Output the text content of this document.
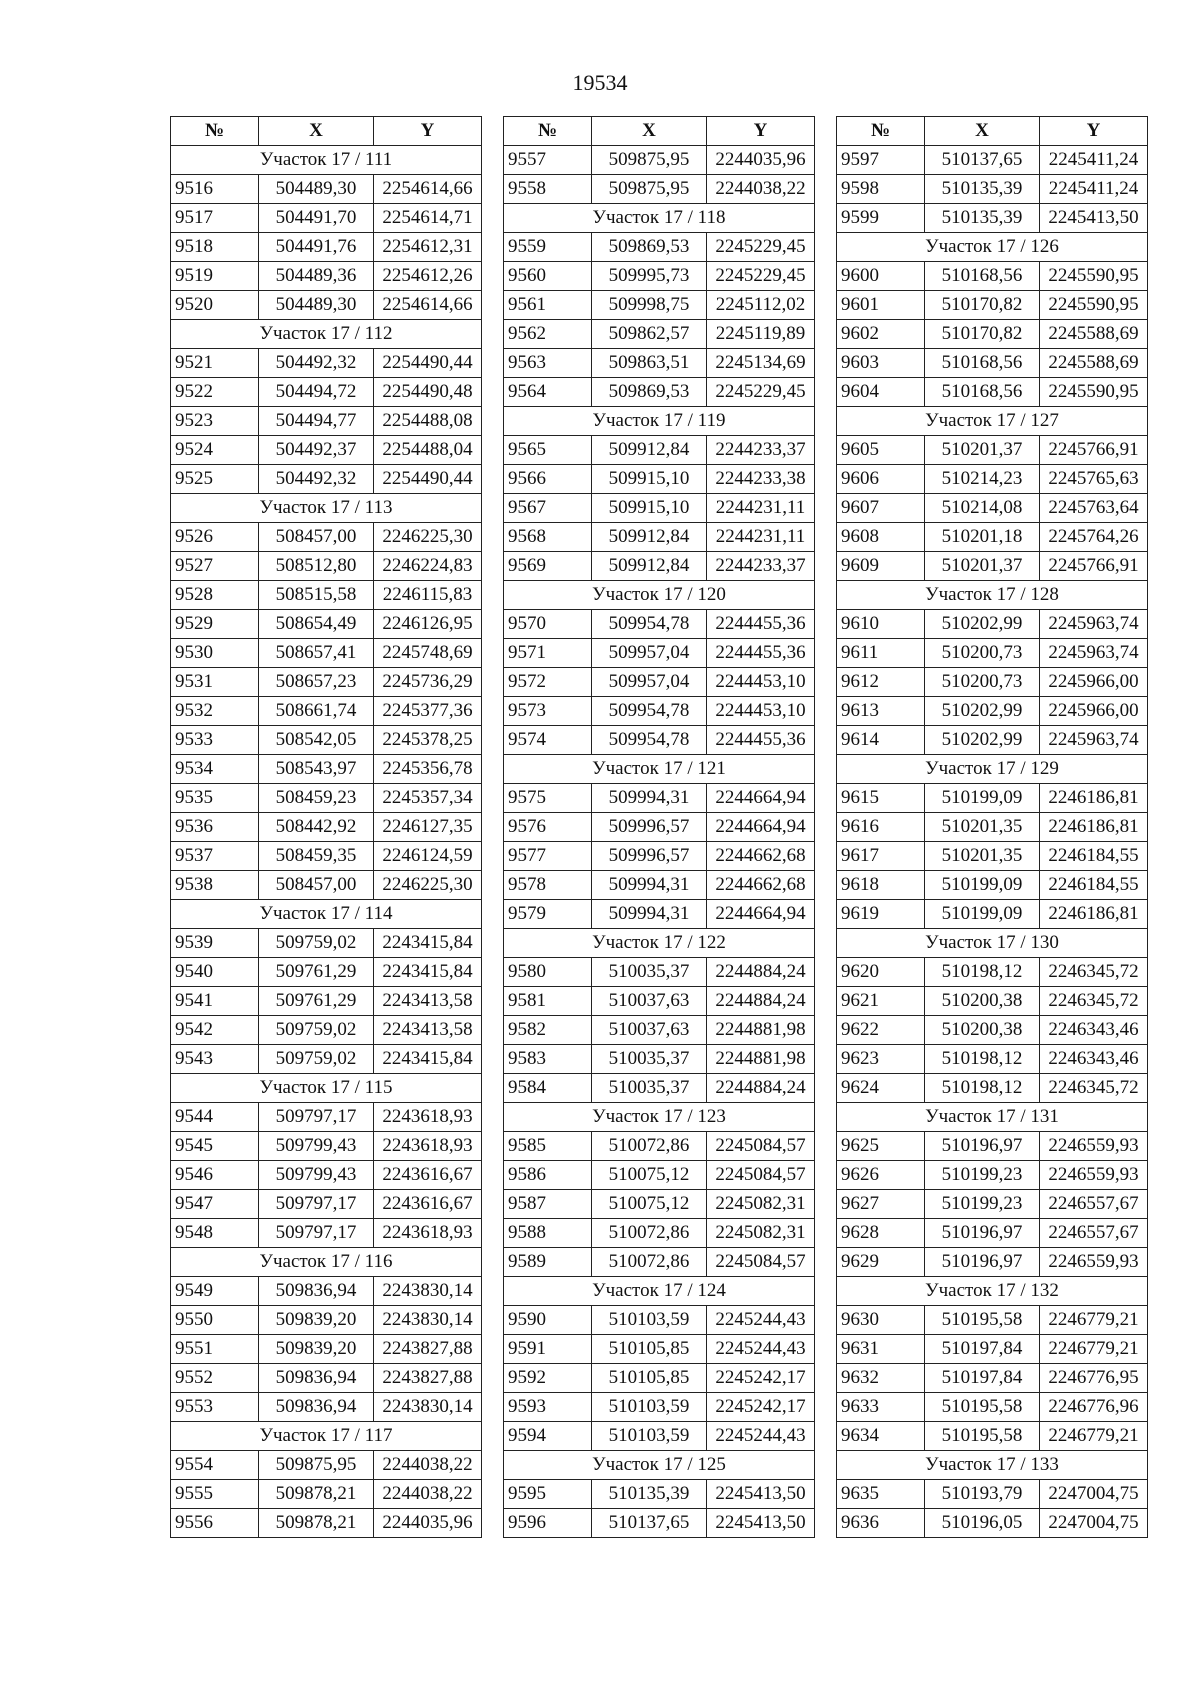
19534
№	X	Y
Участок 17 / 111		
9516	504489,30	2254614,66
9517	504491,70	2254614,71
9518	504491,76	2254612,31
9519	504489,36	2254612,26
9520	504489,30	2254614,66
Участок 17 / 112		
9521	504492,32	2254490,44
9522	504494,72	2254490,48
9523	504494,77	2254488,08
9524	504492,37	2254488,04
9525	504492,32	2254490,44
Участок 17 / 113		
9526	508457,00	2246225,30
9527	508512,80	2246224,83
9528	508515,58	2246115,83
9529	508654,49	2246126,95
9530	508657,41	2245748,69
9531	508657,23	2245736,29
9532	508661,74	2245377,36
9533	508542,05	2245378,25
9534	508543,97	2245356,78
9535	508459,23	2245357,34
9536	508442,92	2246127,35
9537	508459,35	2246124,59
9538	508457,00	2246225,30
Участок 17 / 114		
9539	509759,02	2243415,84
9540	509761,29	2243415,84
9541	509761,29	2243413,58
9542	509759,02	2243413,58
9543	509759,02	2243415,84
Участок 17 / 115		
9544	509797,17	2243618,93
9545	509799,43	2243618,93
9546	509799,43	2243616,67
9547	509797,17	2243616,67
9548	509797,17	2243618,93
Участок 17 / 116		
9549	509836,94	2243830,14
9550	509839,20	2243830,14
9551	509839,20	2243827,88
9552	509836,94	2243827,88
9553	509836,94	2243830,14
Участок 17 / 117		
9554	509875,95	2244038,22
9555	509878,21	2244038,22
9556	509878,21	2244035,96
№	X	Y
9557	509875,95	2244035,96
9558	509875,95	2244038,22
Участок 17 / 118		
9559	509869,53	2245229,45
9560	509995,73	2245229,45
9561	509998,75	2245112,02
9562	509862,57	2245119,89
9563	509863,51	2245134,69
9564	509869,53	2245229,45
Участок 17 / 119		
9565	509912,84	2244233,37
9566	509915,10	2244233,38
9567	509915,10	2244231,11
9568	509912,84	2244231,11
9569	509912,84	2244233,37
Участок 17 / 120		
9570	509954,78	2244455,36
9571	509957,04	2244455,36
9572	509957,04	2244453,10
9573	509954,78	2244453,10
9574	509954,78	2244455,36
Участок 17 / 121		
9575	509994,31	2244664,94
9576	509996,57	2244664,94
9577	509996,57	2244662,68
9578	509994,31	2244662,68
9579	509994,31	2244664,94
Участок 17 / 122		
9580	510035,37	2244884,24
9581	510037,63	2244884,24
9582	510037,63	2244881,98
9583	510035,37	2244881,98
9584	510035,37	2244884,24
Участок 17 / 123		
9585	510072,86	2245084,57
9586	510075,12	2245084,57
9587	510075,12	2245082,31
9588	510072,86	2245082,31
9589	510072,86	2245084,57
Участок 17 / 124		
9590	510103,59	2245244,43
9591	510105,85	2245244,43
9592	510105,85	2245242,17
9593	510103,59	2245242,17
9594	510103,59	2245244,43
Участок 17 / 125		
9595	510135,39	2245413,50
9596	510137,65	2245413,50
№	X	Y
9597	510137,65	2245411,24
9598	510135,39	2245411,24
9599	510135,39	2245413,50
Участок 17 / 126		
9600	510168,56	2245590,95
9601	510170,82	2245590,95
9602	510170,82	2245588,69
9603	510168,56	2245588,69
9604	510168,56	2245590,95
Участок 17 / 127		
9605	510201,37	2245766,91
9606	510214,23	2245765,63
9607	510214,08	2245763,64
9608	510201,18	2245764,26
9609	510201,37	2245766,91
Участок 17 / 128		
9610	510202,99	2245963,74
9611	510200,73	2245963,74
9612	510200,73	2245966,00
9613	510202,99	2245966,00
9614	510202,99	2245963,74
Участок 17 / 129		
9615	510199,09	2246186,81
9616	510201,35	2246186,81
9617	510201,35	2246184,55
9618	510199,09	2246184,55
9619	510199,09	2246186,81
Участок 17 / 130		
9620	510198,12	2246345,72
9621	510200,38	2246345,72
9622	510200,38	2246343,46
9623	510198,12	2246343,46
9624	510198,12	2246345,72
Участок 17 / 131		
9625	510196,97	2246559,93
9626	510199,23	2246559,93
9627	510199,23	2246557,67
9628	510196,97	2246557,67
9629	510196,97	2246559,93
Участок 17 / 132		
9630	510195,58	2246779,21
9631	510197,84	2246779,21
9632	510197,84	2246776,95
9633	510195,58	2246776,96
9634	510195,58	2246779,21
Участок 17 / 133		
9635	510193,79	2247004,75
9636	510196,05	2247004,75
